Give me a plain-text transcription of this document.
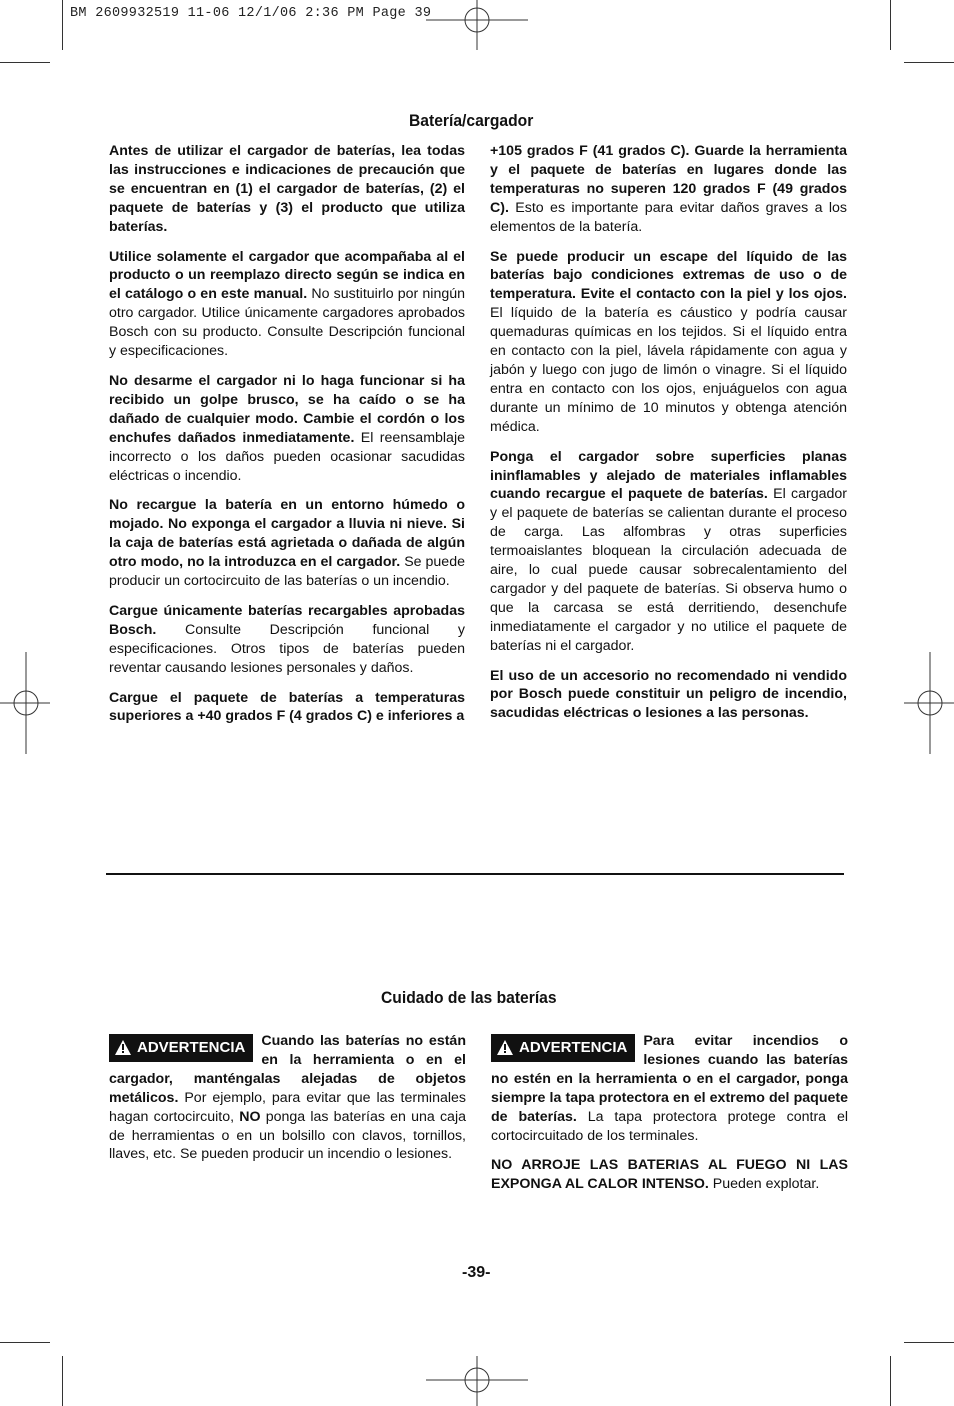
BM 2609932519 11-06 12/1/06 2:36 PM Page 39
Batería/cargador

Antes de utilizar el cargador de baterías, lea todas las instrucciones e indicaciones de precaución que se encuentran en (1) el cargador de baterías, (2) el paquete de baterías y (3) el producto que utiliza baterías.

Utilice solamente el cargador que acompañaba al el producto o un reemplazo directo según se indica en el catálogo o en este manual. No sustituirlo por ningún otro cargador. Utilice únicamente cargadores aprobados Bosch con su producto. Consulte Descripción funcional y especificaciones.

No desarme el cargador ni lo haga funcionar si ha recibido un golpe brusco, se ha caído o se ha dañado de cualquier modo. Cambie el cordón o los enchufes dañados inmediatamente. El reensamblaje incorrecto o los daños pueden ocasionar sacudidas eléctricas o incendio.

No recargue la batería en un entorno húmedo o mojado. No exponga el cargador a lluvia ni nieve. Si la caja de baterías está agrietada o dañada de algún otro modo, no la introduzca en el cargador. Se puede producir un cortocircuito de las baterías o un incendio.

Cargue únicamente baterías recargables aprobadas Bosch. Consulte Descripción funcional y especificaciones. Otros tipos de baterías pueden reventar causando lesiones personales y daños.

Cargue el paquete de baterías a temperaturas superiores a +40 grados F (4 grados C) e inferiores a

+105 grados F (41 grados C). Guarde la herramienta y el paquete de baterías en lugares donde las temperaturas no superen 120 grados F (49 grados C). Esto es importante para evitar daños graves a los elementos de la batería.

Se puede producir un escape del líquido de las baterías bajo condiciones extremas de uso o de temperatura. Evite el contacto con la piel y los ojos. El líquido de la batería es cáustico y podría causar quemaduras químicas en los tejidos. Si el líquido entra en contacto con la piel, lávela rápidamente con agua y jabón y luego con jugo de limón o vinagre. Si el líquido entra en contacto con los ojos, enjuáguelos con agua durante un mínimo de 10 minutos y obtenga atención médica.

Ponga el cargador sobre superficies planas ininflamables y alejado de materiales inflamables cuando recargue el paquete de baterías. El cargador y el paquete de baterías se calientan durante el proceso de carga. Las alfombras y otras superficies termoaislantes bloquean la circulación adecuada de aire, lo cual puede causar sobrecalentamiento del cargador y del paquete de baterías. Si observa humo o que la carcasa se está derritiendo, desenchufe inmediatamente el cargador y no utilice el paquete de baterías ni el cargador.

El uso de un accesorio no recomendado ni vendido por Bosch puede constituir un peligro de incendio, sacudidas eléctricas o lesiones a las personas.

Cuidado de las baterías

ADVERTENCIA	Cuando las baterías no están en la herramienta o en el cargador, manténgalas alejadas de objetos metálicos. Por ejemplo, para evitar que las terminales hagan cortocircuito, NO ponga las baterías en una caja de herramientas o en un bolsillo con clavos, tornillos, llaves, etc. Se pueden producir un incendio o lesiones.

ADVERTENCIA	Para evitar incendios o lesiones cuando las baterías no estén en la herramienta o en el cargador, ponga siempre la tapa protectora en el extremo del paquete de baterías. La tapa protectora protege contra el cortocircuitado de los terminales.

NO ARROJE LAS BATERIAS AL FUEGO NI LAS EXPONGA AL CALOR INTENSO. Pueden explotar.

-39-
